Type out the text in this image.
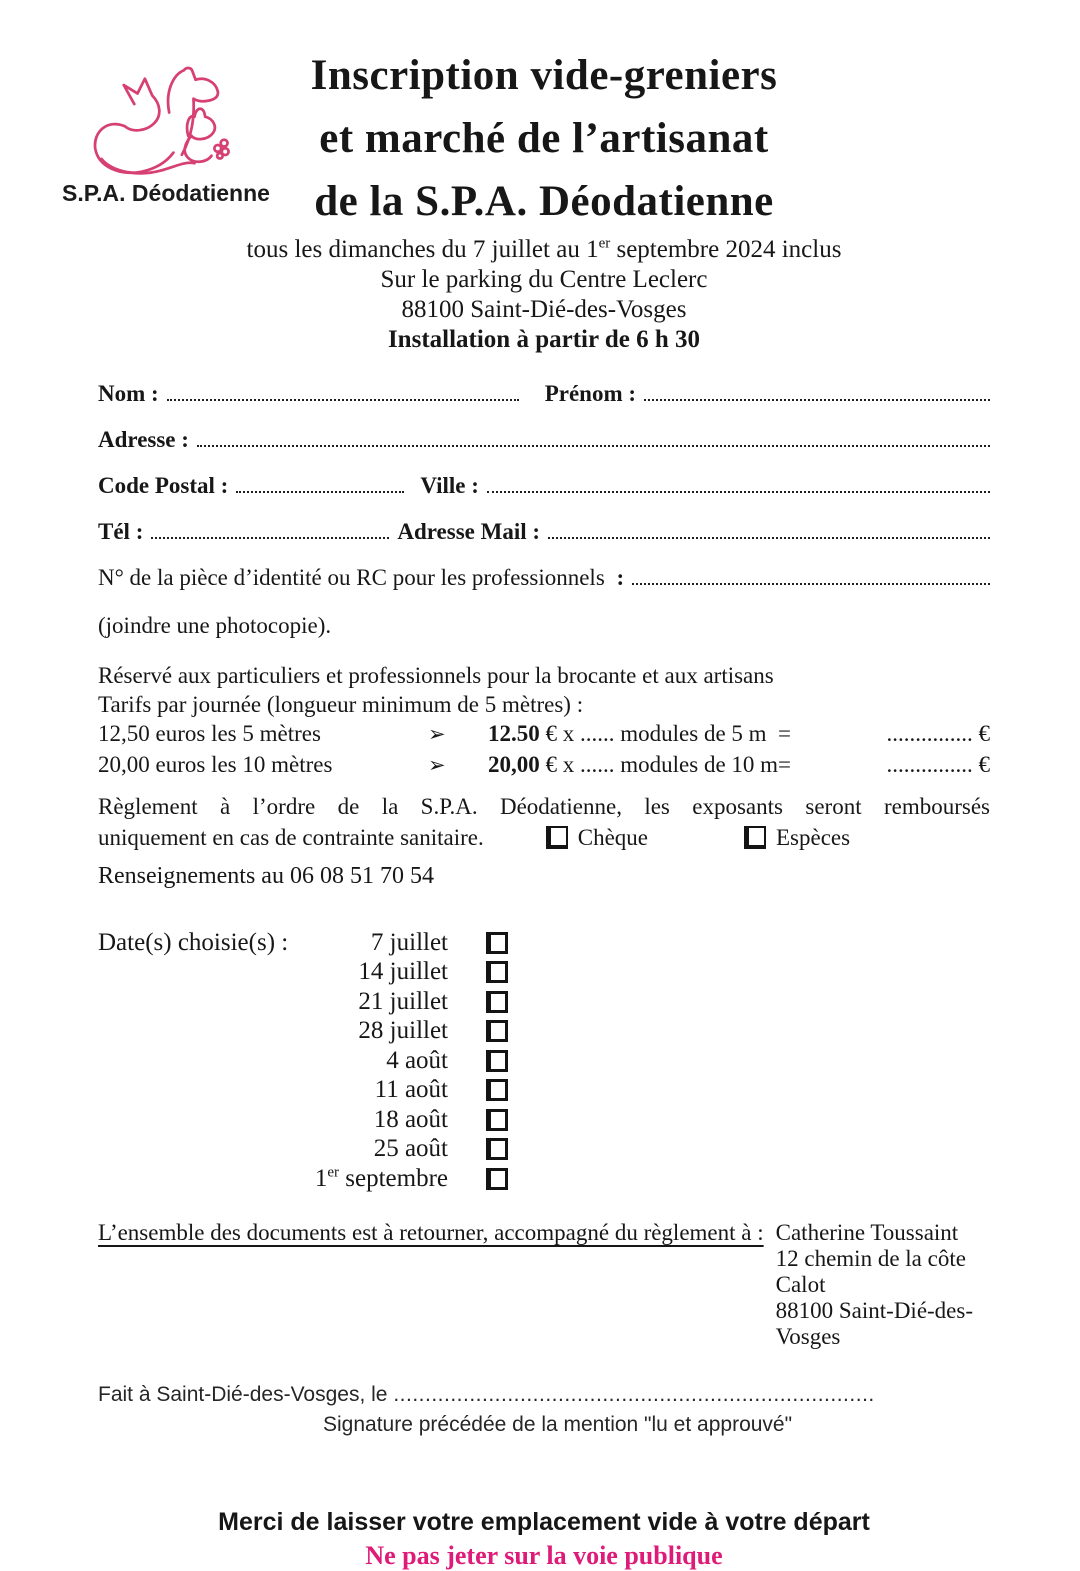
S.P.A. Déodatienne
Inscription vide-greniers
et marché de l’artisanat
de la S.P.A. Déodatienne
tous les dimanches du 7 juillet au 1er septembre 2024 inclus
Sur le parking du Centre Leclerc
88100 Saint-Dié-des-Vosges
Installation à partir de 6 h 30
Nom :	Prénom :
Adresse :
Code Postal :	Ville :
Tél :	Adresse Mail :
N° de la pièce d’identité ou RC pour les professionnels :
(joindre une photocopie).
Réservé aux particuliers et professionnels pour la brocante et aux artisans
Tarifs par journée (longueur minimum de 5 mètres) :
12,50 euros les 5 mètres	➢	12.50 € x ...... modules de 5 m  =	............... €
20,00 euros les 10 mètres	➢	20,00 € x ...... modules de 10 m=	............... €
Règlement à l’ordre de la S.P.A. Déodatienne, les exposants seront remboursés
uniquement en cas de contrainte sanitaire.	Chèque	Espèces
Renseignements au 06 08 51 70 54
Date(s) choisie(s) :	7 juillet
14 juillet
21 juillet
28 juillet
4 août
11 août
18 août
25 août
1er septembre
L’ensemble des documents est à retourner, accompagné du règlement à : Catherine Toussaint
12 chemin de la côte Calot
88100 Saint-Dié-des-Vosges
Fait à Saint-Dié-des-Vosges, le ............................................................................
Signature précédée de la mention "lu et approuvé"
Merci de laisser votre emplacement vide à votre départ
Ne pas jeter sur la voie publique
